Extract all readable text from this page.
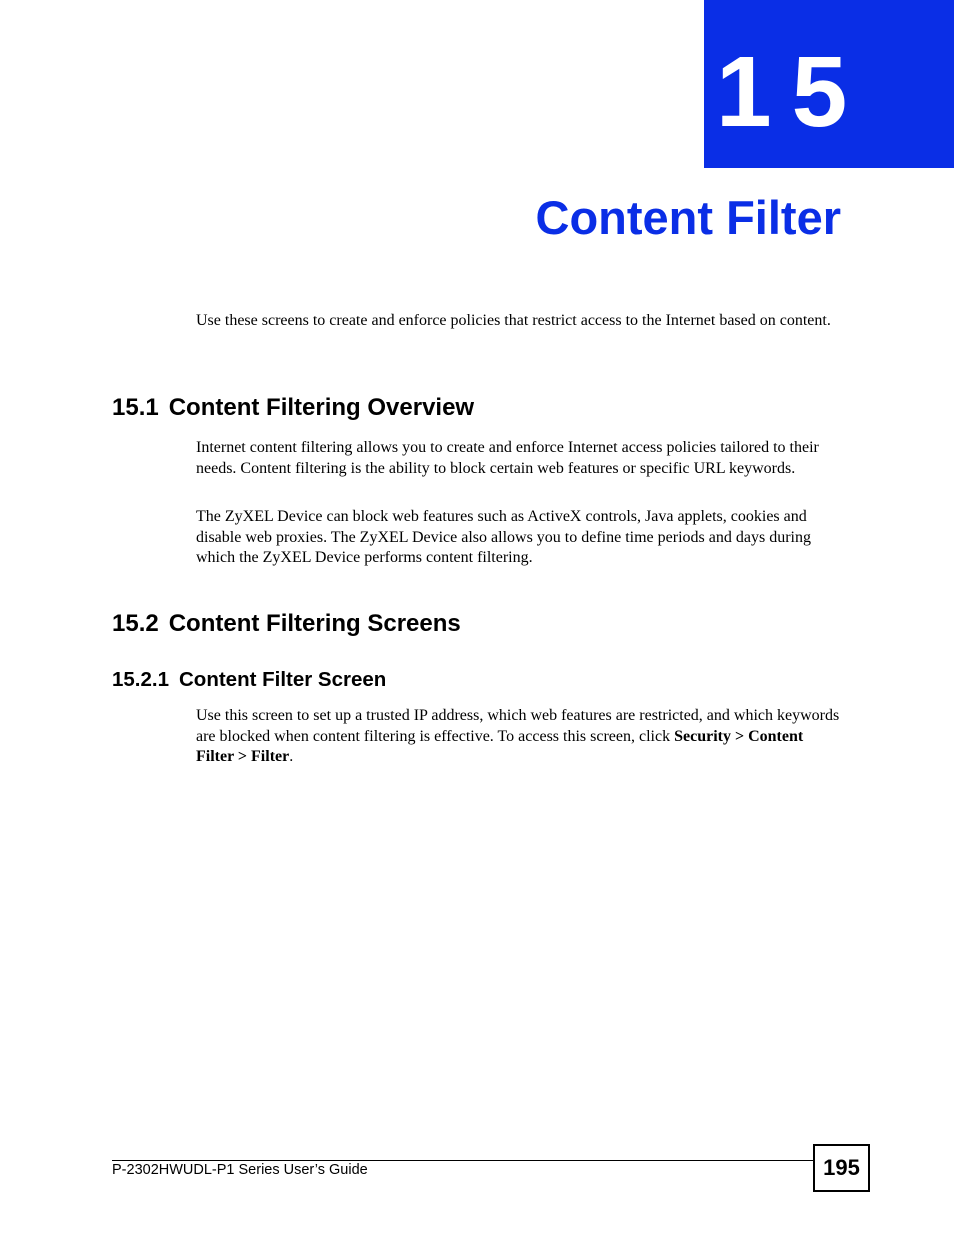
15
Content Filter

Use these screens to create and enforce policies that restrict access to the Internet based on content.

15.1 Content Filtering Overview

Internet content filtering allows you to create and enforce Internet access policies tailored to their needs. Content filtering is the ability to block certain web features or specific URL keywords.

The ZyXEL Device can block web features such as ActiveX controls, Java applets, cookies and disable web proxies. The ZyXEL Device also allows you to define time periods and days during which the ZyXEL Device performs content filtering.

15.2 Content Filtering Screens
15.2.1 Content Filter Screen

Use this screen to set up a trusted IP address, which web features are restricted, and which keywords are blocked when content filtering is effective. To access this screen, click Security > Content Filter > Filter.

P-2302HWUDL-P1 Series User’s Guide	195
